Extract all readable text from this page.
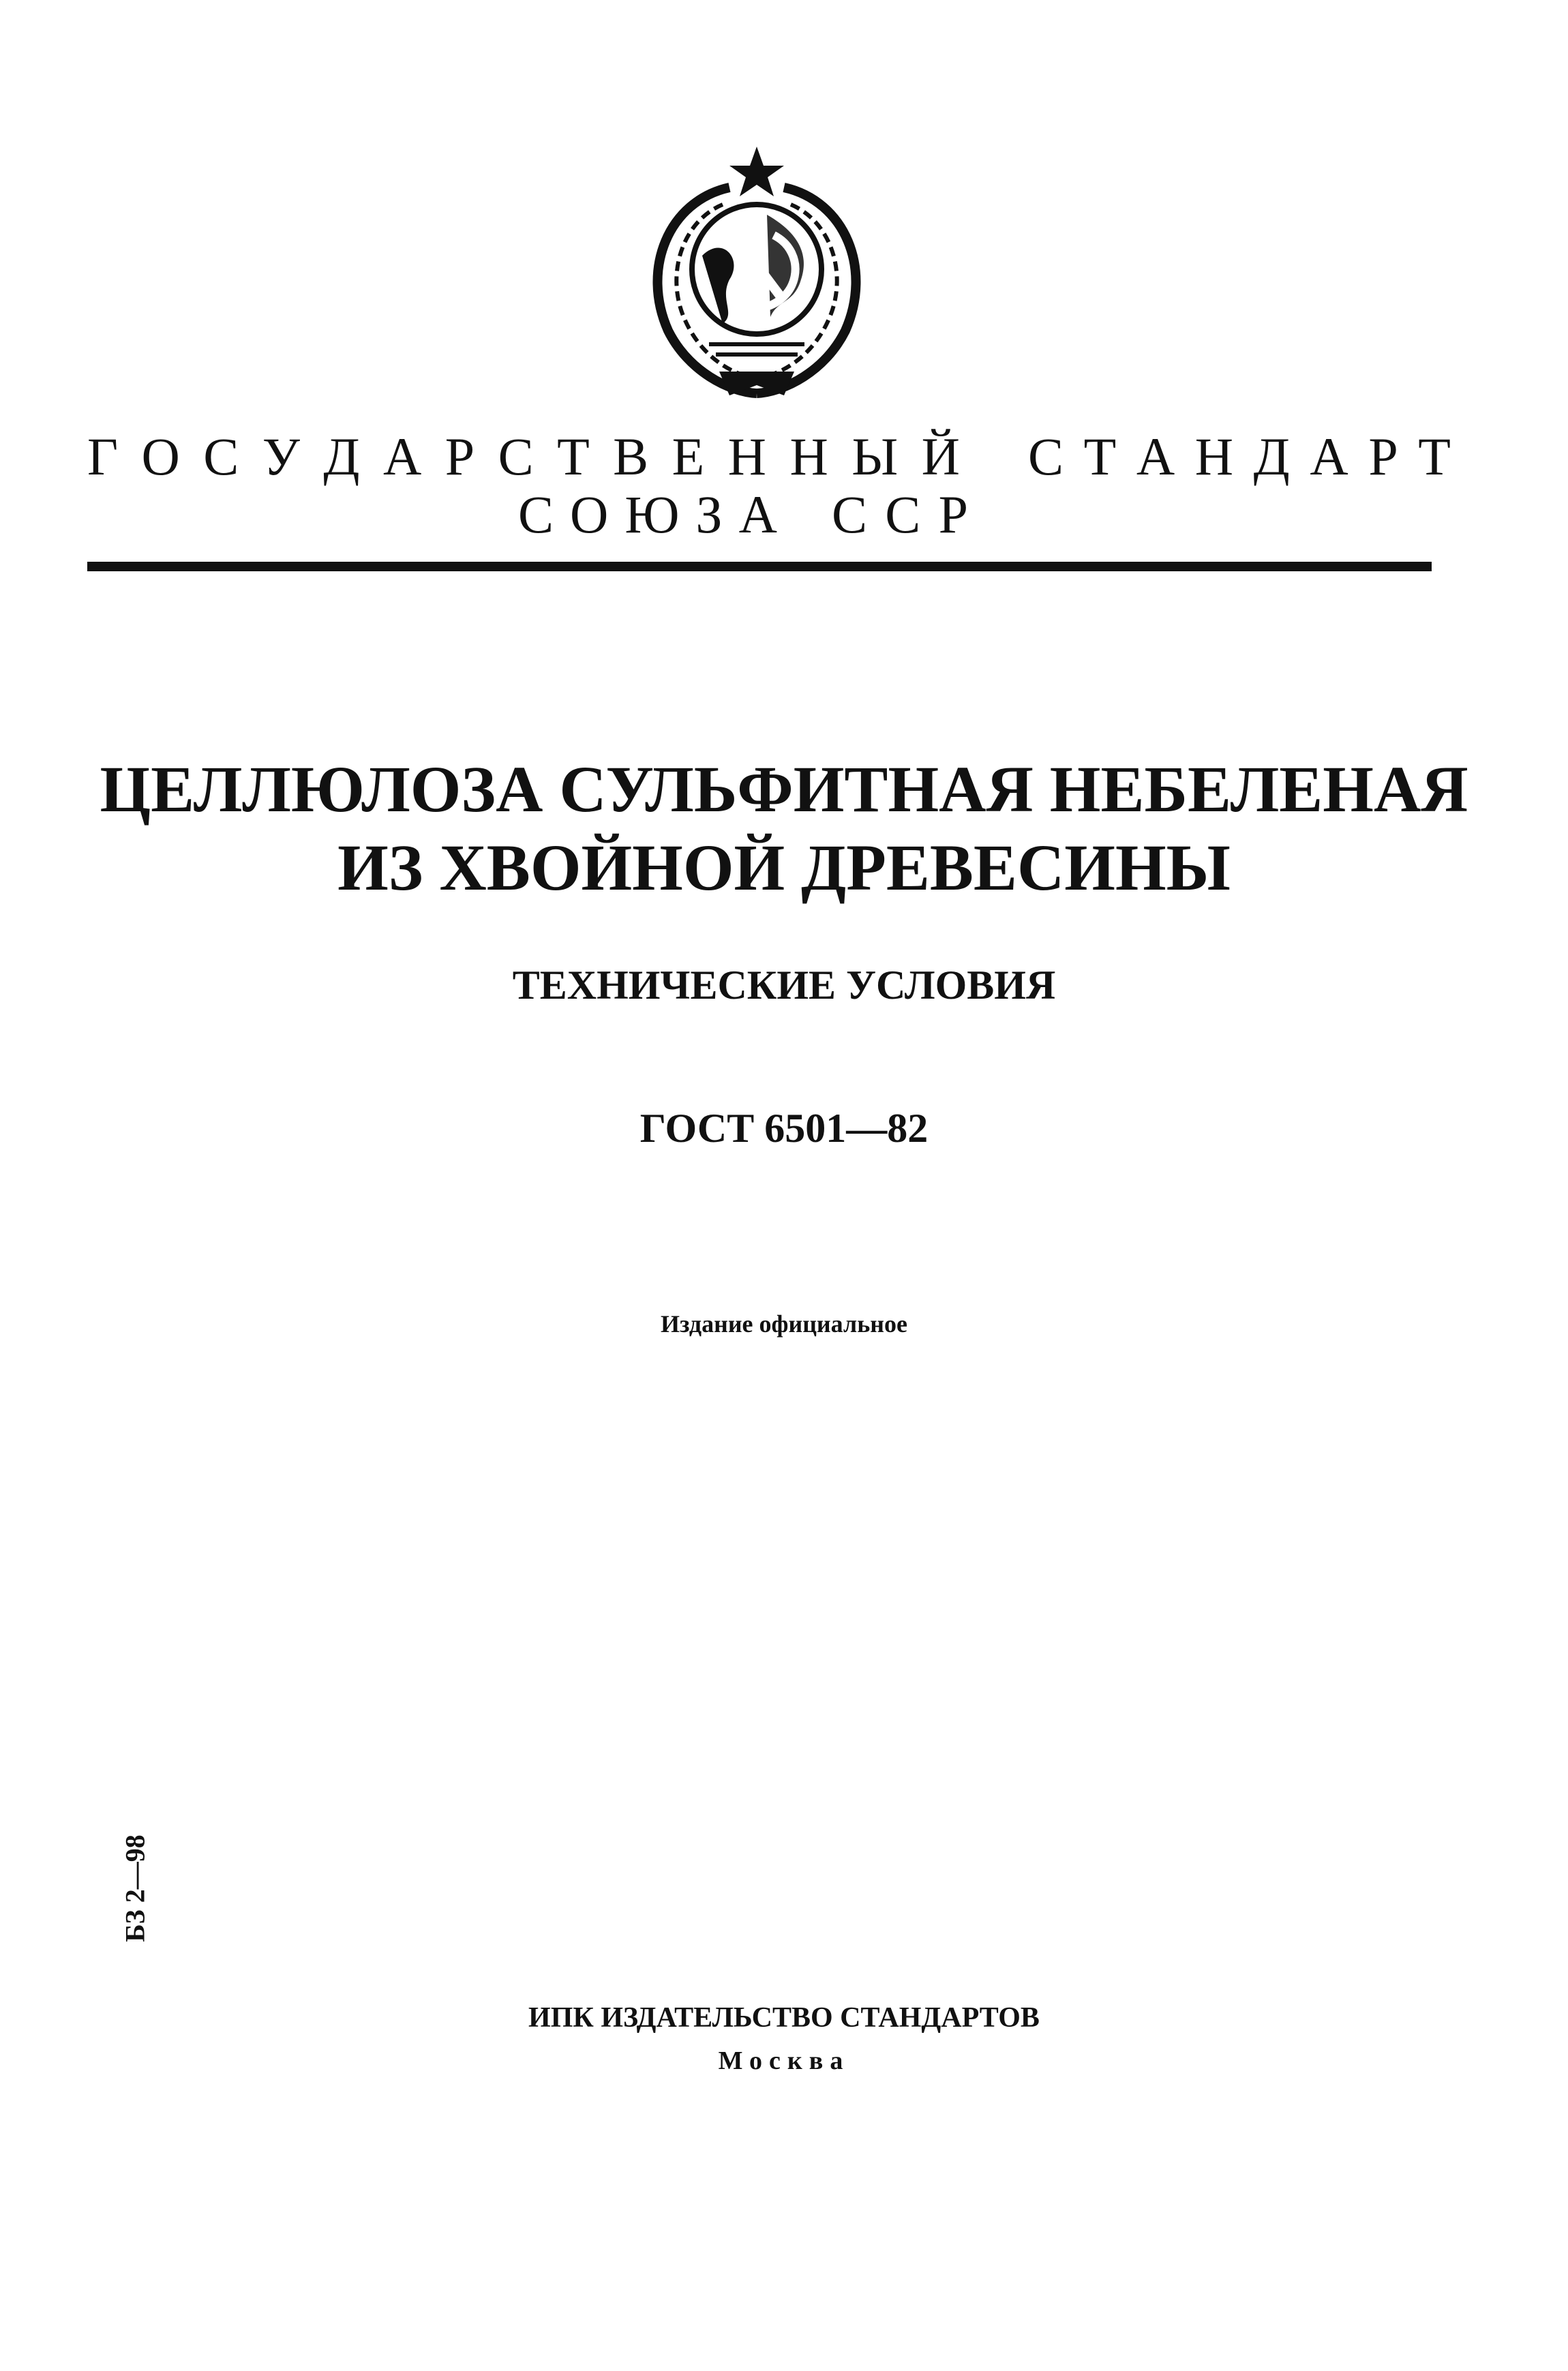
Г О С У Д А Р С Т В Е Н Н Ы Й С Т А Н Д А Р Т
С О Ю З А С С Р
ЦЕЛЛЮЛОЗА СУЛЬФИТНАЯ НЕБЕЛЕНАЯ
ИЗ ХВОЙНОЙ ДРЕВЕСИНЫ
ТЕХНИЧЕСКИЕ УСЛОВИЯ
ГОСТ 6501—82
Издание официальное
БЗ 2—98
ИПК ИЗДАТЕЛЬСТВО СТАНДАРТОВ
Москва
